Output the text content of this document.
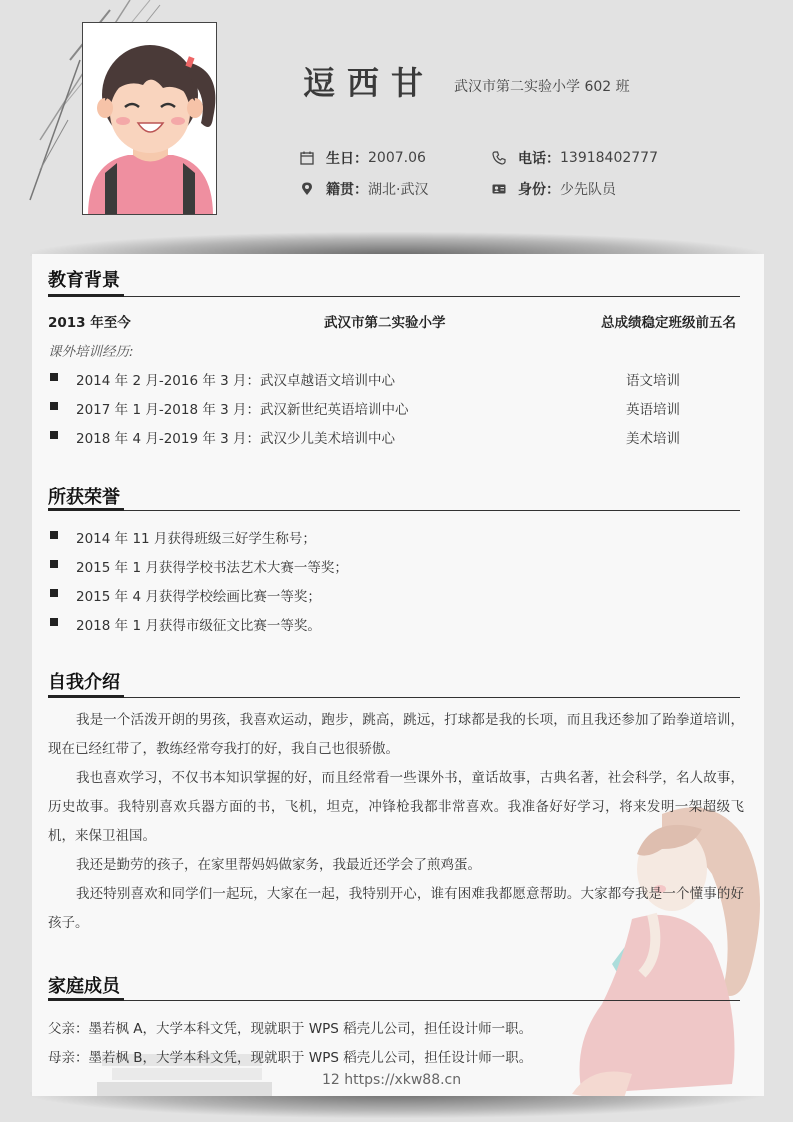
逗西甘 武汉市第二实验小学 602 班
生日： 2007.06	电话： 13918402777
籍贯： 湖北·武汉	身份： 少先队员
教育背景
2013 年至今	武汉市第二实验小学	总成绩稳定班级前五名
课外培训经历:
2014 年 2 月-2016 年 3 月：武汉卓越语文培训中心	语文培训
2017 年 1 月-2018 年 3 月：武汉新世纪英语培训中心	英语培训
2018 年 4 月-2019 年 3 月：武汉少儿美术培训中心	美术培训
所获荣誉
2014 年 11 月获得班级三好学生称号；
2015 年 1 月获得学校书法艺术大赛一等奖；
2015 年 4 月获得学校绘画比赛一等奖；
2018 年 1 月获得市级征文比赛一等奖。
自我介绍
我是一个活泼开朗的男孩，我喜欢运动，跑步，跳高，跳远，打球都是我的长项，而且我还参加了跆拳道培训，现在已经红带了，教练经常夸我打的好，我自己也很骄傲。
我也喜欢学习，不仅书本知识掌握的好，而且经常看一些课外书，童话故事，古典名著，社会科学，名人故事，历史故事。我特别喜欢兵器方面的书，飞机，坦克，冲锋枪我都非常喜欢。我准备好好学习，将来发明一架超级飞机，来保卫祖国。
我还是勤劳的孩子，在家里帮妈妈做家务，我最近还学会了煎鸡蛋。
我还特别喜欢和同学们一起玩，大家在一起，我特别开心，谁有困难我都愿意帮助。大家都夸我是一个懂事的好孩子。
家庭成员
父亲：墨若枫 A，大学本科文凭，现就职于 WPS 稻壳儿公司，担任设计师一职。
母亲：墨若枫 B，大学本科文凭，现就职于 WPS 稻壳儿公司，担任设计师一职。
12 https://xkw88.cn
